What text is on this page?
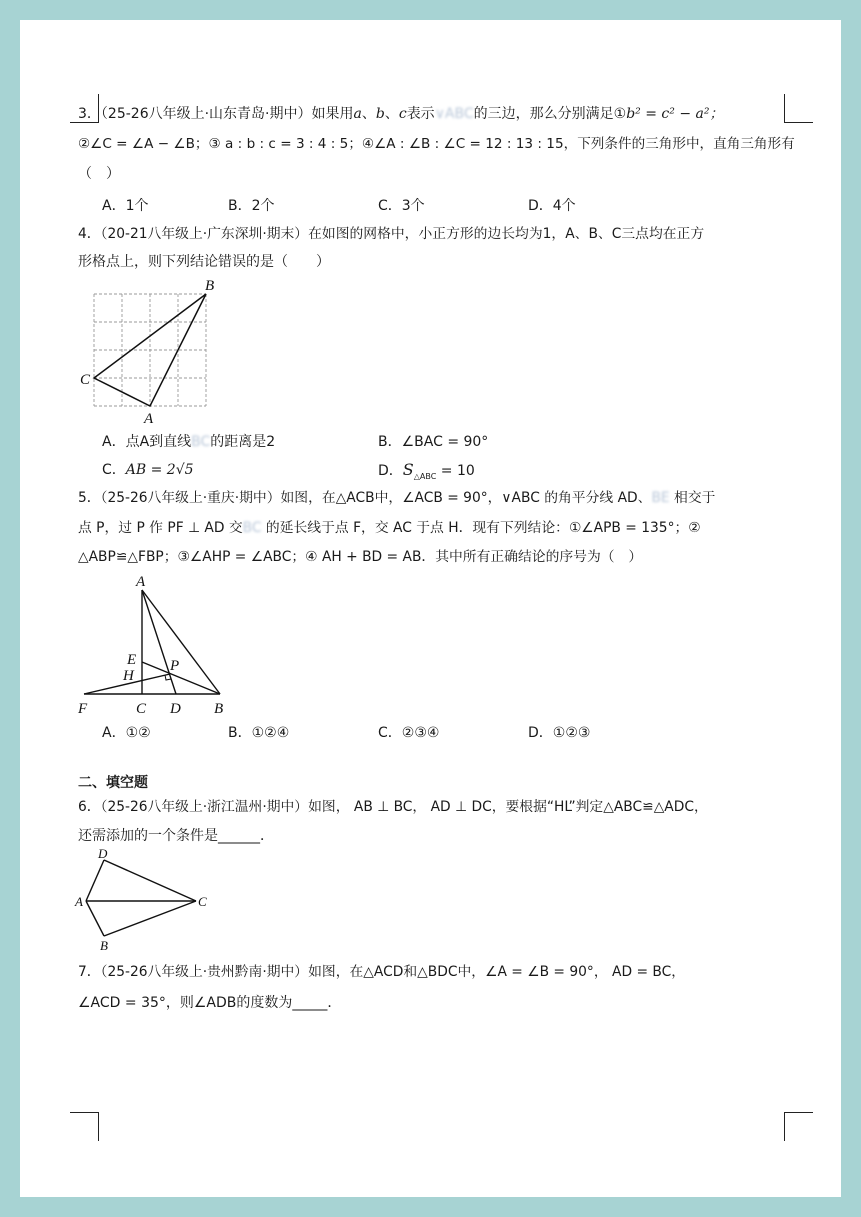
3．（25-26八年级上·山东青岛·期中）如果用a、b、c表示∨ABC的三边，那么分别满足①b² = c² − a²；
②∠C = ∠A − ∠B；③ a : b : c = 3 : 4 : 5；④∠A : ∠B : ∠C = 12 : 13 : 15，下列条件的三角形中，直角三角形有
（　）
A．1个	B．2个	C．3个	D．4个
4．（20-21八年级上·广东深圳·期末）在如图的网格中，小正方形的边长均为1，A、B、C三点均在正方
形格点上，则下列结论错误的是（　　）
B
C
A
A．点A到直线BC的距离是2	B．∠BAC = 90°
C．AB = 2√5	D．$S_{\triangle ABC} = 10$
5．（25-26八年级上·重庆·期中）如图，在△ACB中，∠ACB = 90°，∨ABC 的角平分线 AD、BE 相交于
点 P，过 P 作 PF ⊥ AD 交BC 的延长线于点 F，交 AC 于点 H．现有下列结论：①∠APB = 135°；②
△ABP≌△FBP；③∠AHP = ∠ABC；④ AH + BD = AB．其中所有正确结论的序号为（　）
A
E
H
P
F	C D B
A．①②	B．①②④	C．②③④	D．①②③
二、填空题
6．（25-26八年级上·浙江温州·期中）如图， AB ⊥ BC， AD ⊥ DC，要根据“HL”判定△ABC≌△ADC，
还需添加的一个条件是______．
D
A	C
B
7．（25-26八年级上·贵州黔南·期中）如图，在△ACD和△BDC中，∠A = ∠B = 90°， AD = BC，
∠ACD = 35°，则∠ADB的度数为_____．
